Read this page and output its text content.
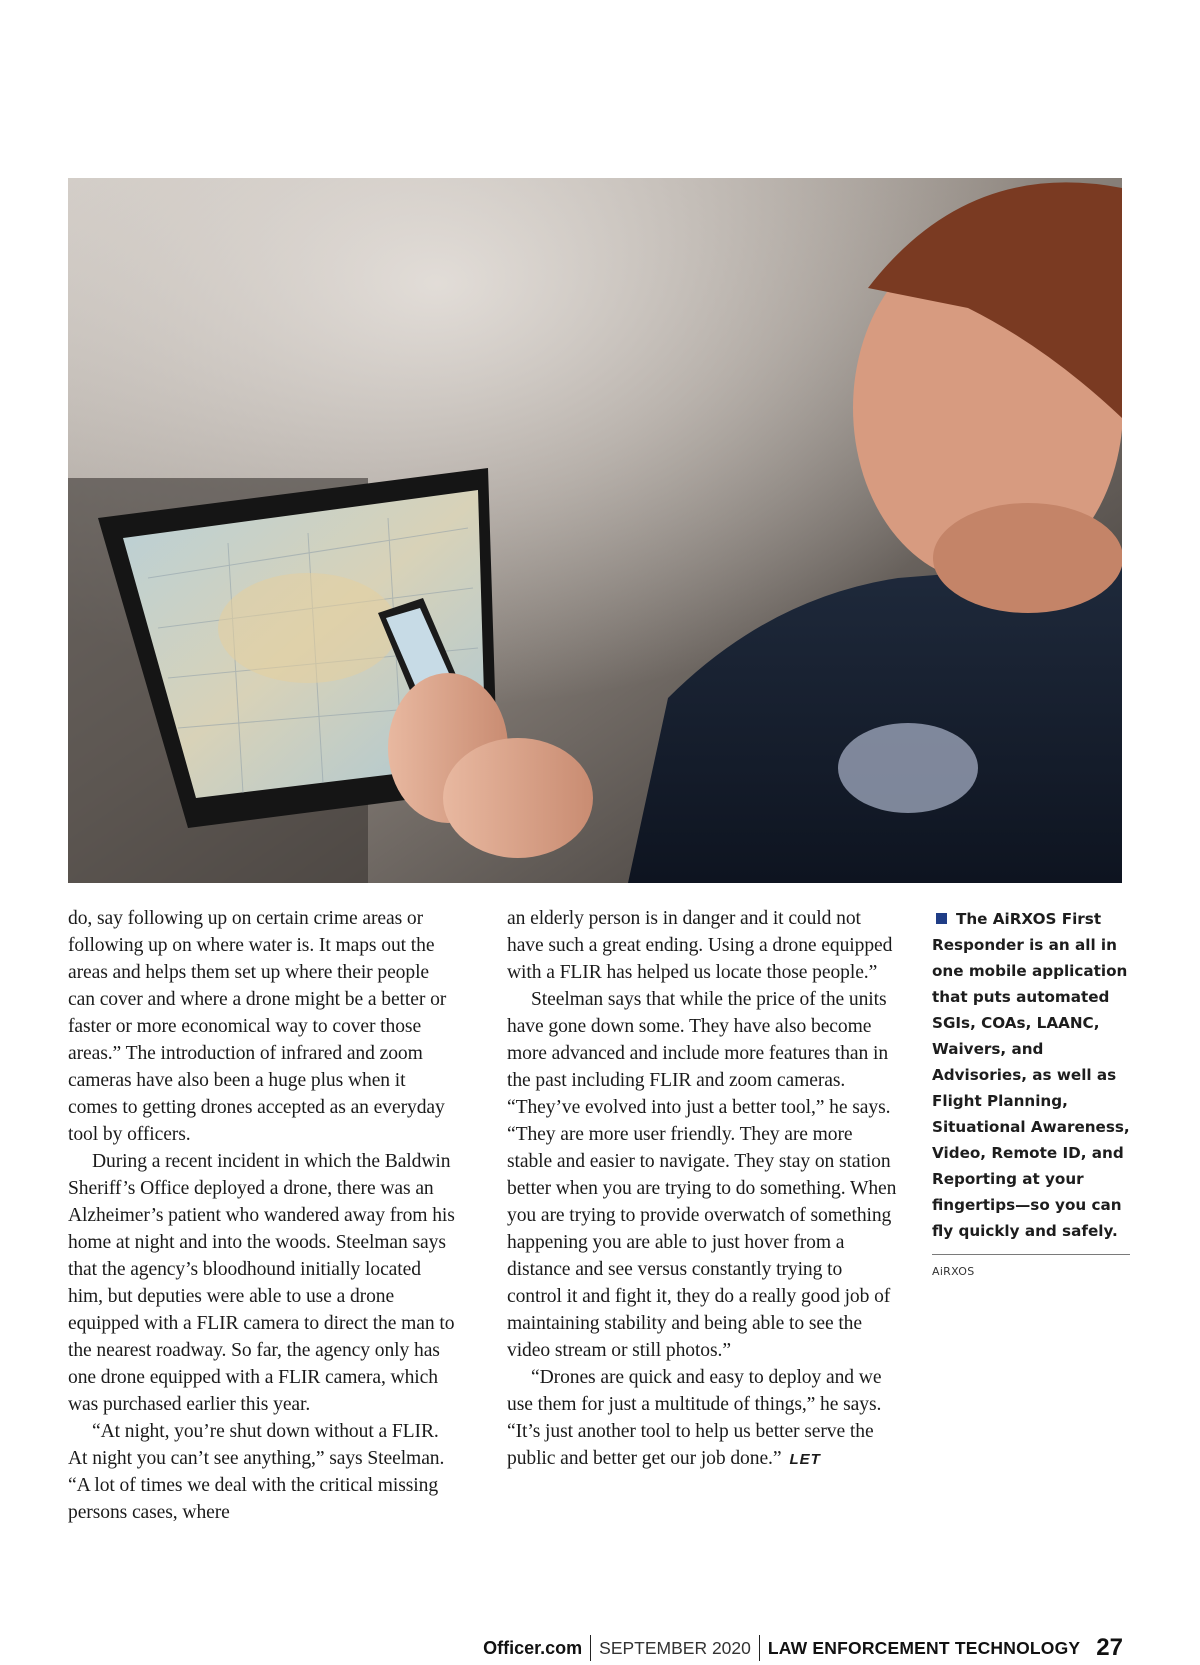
do, say following up on certain crime areas or following up on where water is. It maps out the areas and helps them set up where their people can cover and where a drone might be a better or faster or more economical way to cover those areas.” The introduction of infrared and zoom cameras have also been a huge plus when it comes to getting drones accepted as an everyday tool by officers.

During a recent incident in which the Baldwin Sheriff’s Office deployed a drone, there was an Alzheimer’s patient who wandered away from his home at night and into the woods. Steelman says that the agency’s bloodhound initially located him, but deputies were able to use a drone equipped with a FLIR camera to direct the man to the nearest roadway. So far, the agency only has one drone equipped with a FLIR camera, which was purchased earlier this year.

“At night, you’re shut down without a FLIR. At night you can’t see anything,” says Steelman. “A lot of times we deal with the critical missing persons cases, where

an elderly person is in danger and it could not have such a great ending. Using a drone equipped with a FLIR has helped us locate those people.”

Steelman says that while the price of the units have gone down some. They have also become more advanced and include more features than in the past including FLIR and zoom cameras. “They’ve evolved into just a better tool,” he says. “They are more user friendly. They are more stable and easier to navigate. They stay on station better when you are trying to do something. When you are trying to provide overwatch of something happening you are able to just hover from a distance and see versus constantly trying to control it and fight it, they do a really good job of maintaining stability and being able to see the video stream or still photos.”

“Drones are quick and easy to deploy and we use them for just a multitude of things,” he says. “It’s just another tool to help us better serve the public and better get our job done.” LET

The AiRXOS First Responder is an all in one mobile application that puts automated SGIs, COAs, LAANC, Waivers, and Advisories, as well as Flight Planning, Situational Awareness, Video, Remote ID, and Reporting at your fingertips—so you can fly quickly and safely.
AiRXOS
Officer.com SEPTEMBER 2020 LAW ENFORCEMENT TECHNOLOGY 27
